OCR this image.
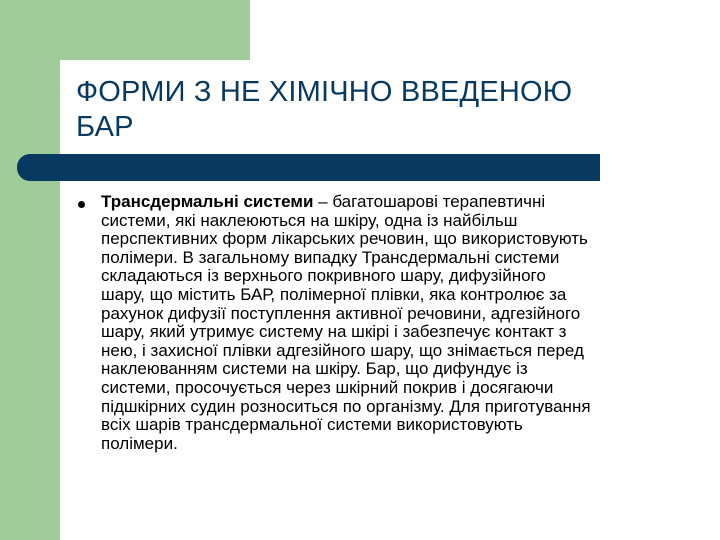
ФОРМИ З НЕ ХІМІЧНО ВВЕДЕНОЮ
БАР

Трансдермальні системи – багатошарові терапевтичні
системи, які наклеюються на шкіру, одна із найбільш
перспективних форм лікарських речовин, що використовують
полімери. В загальному випадку Трансдермальні системи
складаються із верхнього покривного шару, дифузійного
шару, що містить БАР, полімерної плівки, яка контролює за
рахунок дифузії поступлення активної речовини, адгезійного
шару, який утримує систему на шкірі і забезпечує контакт з
нею, і захисної плівки адгезійного шару, що знімається перед
наклеюванням системи на шкіру. Бар, що дифундує із
системи, просочується через шкірний покрив і досягаючи
підшкірних судин розноситься по організму. Для приготування
всіх шарів трансдермальної системи використовують
полімери.
